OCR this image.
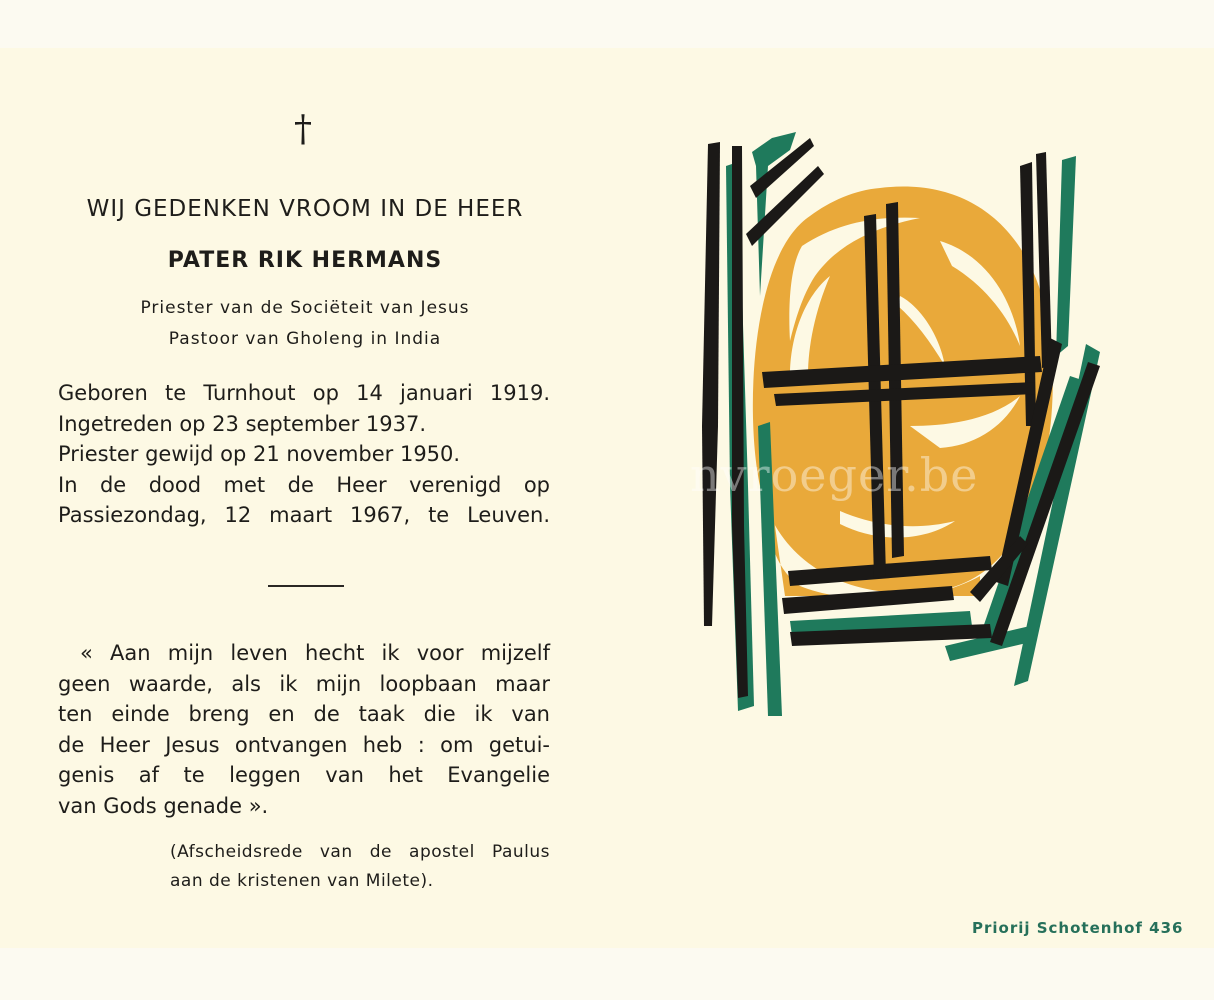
†
WIJ GEDENKEN VROOM IN DE HEER
PATER RIK HERMANS
Priester van de Sociëteit van Jesus
Pastoor van Gholeng in India
Geboren te Turnhout op 14 januari 1919.
Ingetreden op 23 september 1937.
Priester gewijd op 21 november 1950.
In de dood met de Heer verenigd op
Passiezondag, 12 maart 1967, te Leuven.
« Aan mijn leven hecht ik voor mijzelf
geen waarde, als ik mijn loopbaan maar
ten einde breng en de taak die ik van
de Heer Jesus ontvangen heb : om getui-
genis af te leggen van het Evangelie
van Gods genade ».
(Afscheidsrede van de apostel Paulus
aan de kristenen van Milete).
nvroeger.be
Priorij Schotenhof 436
